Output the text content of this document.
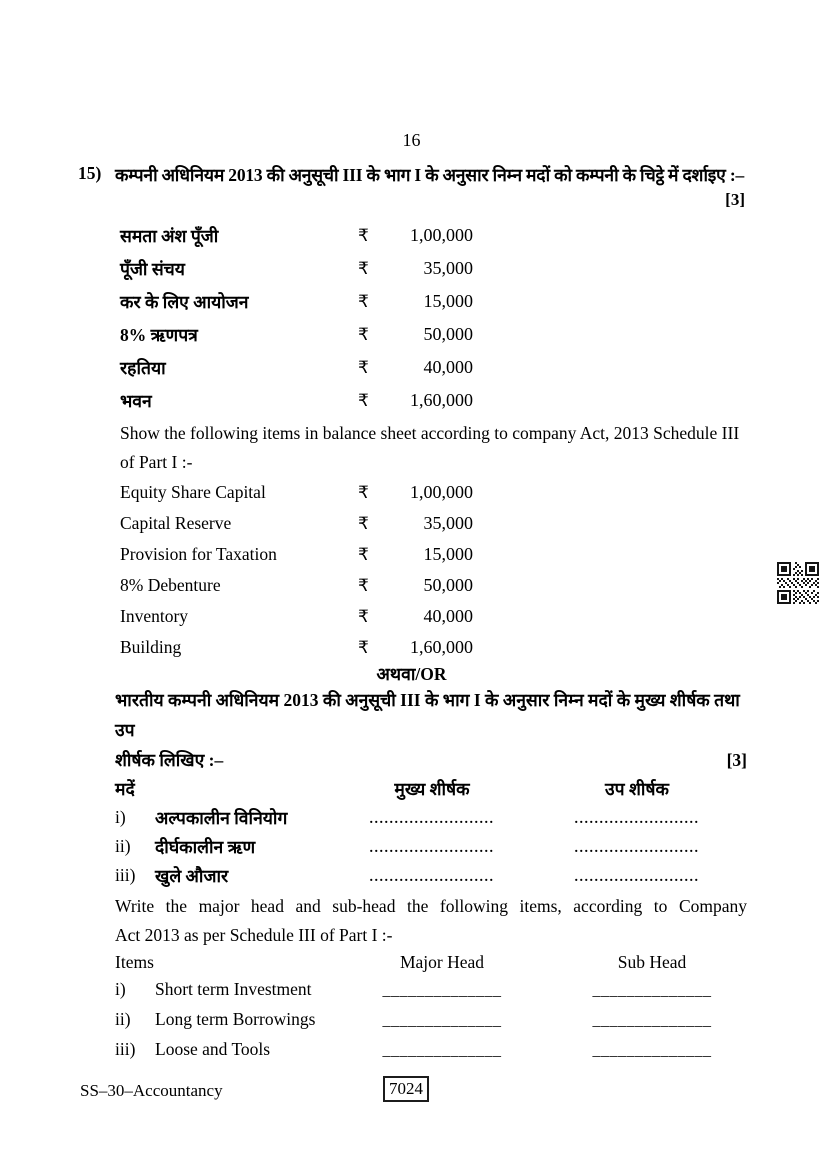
16
15) कम्पनी अधिनियम 2013 की अनुसूची III के भाग I के अनुसार निम्न मदों को कम्पनी के चिट्ठे में दर्शाइए :–
[3]
समता अंश पूँजी	₹	1,00,000
पूँजी संचय	₹	35,000
कर के लिए आयोजन	₹	15,000
8% ऋणपत्र	₹	50,000
रहतिया	₹	40,000
भवन	₹	1,60,000
Show the following items in balance sheet according to company Act, 2013 Schedule III
of Part I :-
Equity Share Capital	₹	1,00,000
Capital Reserve	₹	35,000
Provision for Taxation	₹	15,000
8% Debenture	₹	50,000
Inventory	₹	40,000
Building	₹	1,60,000
अथवा/OR
भारतीय कम्पनी अधिनियम 2013 की अनुसूची III के भाग I के अनुसार निम्न मदों के मुख्य शीर्षक तथा उप
शीर्षक लिखिए :–	[3]
मदें	मुख्य शीर्षक	उप शीर्षक
i)	अल्पकालीन विनियोग	.........................	.........................
ii)	दीर्घकालीन ऋण	.........................	.........................
iii)	खुले औजार	.........................	.........................
Write the major head and sub-head the following items, according to Company
Act 2013 as per Schedule III of Part I :-
Items	Major Head	Sub Head
i)	Short term Investment	______________	______________
ii)	Long term Borrowings	______________	______________
iii)	Loose and Tools	______________	______________
SS–30–Accountancy	7024
